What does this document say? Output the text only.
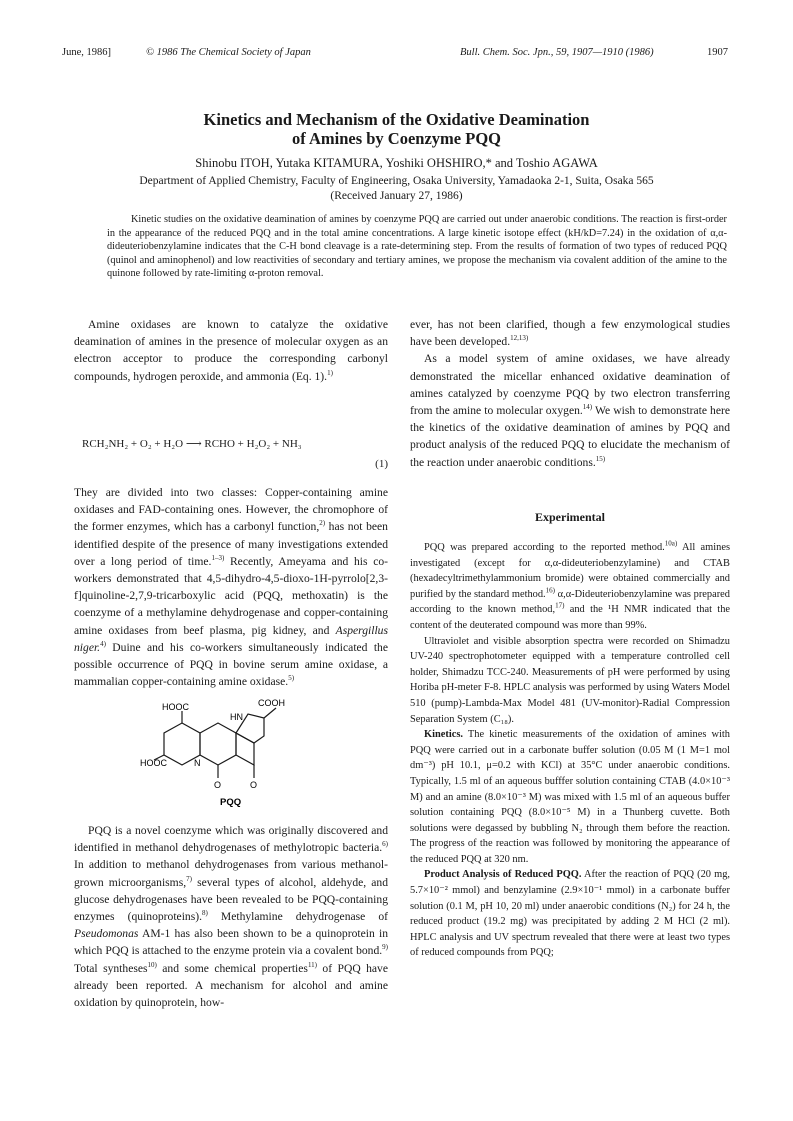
June, 1986]	© 1986 The Chemical Society of Japan	Bull. Chem. Soc. Jpn., 59, 1907—1910 (1986)	1907
Kinetics and Mechanism of the Oxidative Deamination
of Amines by Coenzyme PQQ
Shinobu ITOH, Yutaka KITAMURA, Yoshiki OHSHIRO,* and Toshio AGAWA
Department of Applied Chemistry, Faculty of Engineering, Osaka University, Yamadaoka 2-1, Suita, Osaka 565
(Received January 27, 1986)
Kinetic studies on the oxidative deamination of amines by coenzyme PQQ are carried out under anaerobic conditions. The reaction is first-order in the appearance of the reduced PQQ and in the total amine concentrations. A large kinetic isotope effect (kH/kD=7.24) in the oxidation of α,α-dideuteriobenzylamine indicates that the C-H bond cleavage is a rate-determining step. From the results of formation of two types of reduced PQQ (quinol and aminophenol) and low reactivities of secondary and tertiary amines, we propose the mechanism via covalent addition of the amine to the quinone followed by rate-limiting α-proton removal.

Amine oxidases are known to catalyze the oxidative deamination of amines in the presence of molecular oxygen as an electron acceptor to produce the corresponding carbonyl compounds, hydrogen peroxide, and ammonia (Eq. 1).$^{1)}$

RCH₂NH₂ + O₂ + H₂O ⟶ RCHO + H₂O₂ + NH₃
(1)

They are divided into two classes: Copper-containing amine oxidases and FAD-containing ones. However, the chromophore of the former enzymes, which has a carbonyl function,$^{2)}$ has not been identified despite of the presence of many investigations extended over a long period of time.$^{1-3)}$ Recently, Ameyama and his co-workers demonstrated that 4,5-dihydro-4,5-dioxo-1H-pyrrolo[2,3-f]quinoline-2,7,9-tricarboxylic acid (PQQ, methoxatin) is the coenzyme of a methylamine dehydrogenase and copper-containing amine oxidases from beef plasma, pig kidney, and Aspergillus niger.$^{4)}$ Duine and his co-workers simultaneously indicated the possible occurrence of PQQ in bovine serum amine oxidase, a mammalian copper-containing amine oxidase.$^{5)}$

COOH
HN
HOOC
HOOC	N
O	O
PQQ

PQQ is a novel coenzyme which was originally discovered and identified in methanol dehydrogenases of methylotropic bacteria.$^{6)}$ In addition to methanol dehydrogenases from various methanol-grown microorganisms,$^{7)}$ several types of alcohol, aldehyde, and glucose dehydrogenases have been revealed to be PQQ-containing enzymes (quinoproteins).$^{8)}$ Methylamine dehydrogenase of Pseudomonas AM-1 has also been shown to be a quinoprotein in which PQQ is attached to the enzyme protein via a covalent bond.$^{9)}$ Total syntheses$^{10)}$ and some chemical properties$^{11)}$ of PQQ have already been reported. A mechanism for alcohol and amine oxidation by quinoprotein, how-

ever, has not been clarified, though a few enzymological studies have been developed.$^{12,13)}$

As a model system of amine oxidases, we have already demonstrated the micellar enhanced oxidative deamination of amines catalyzed by coenzyme PQQ by two electron transferring from the amine to molecular oxygen.$^{14)}$ We wish to demonstrate here the kinetics of the oxidative deamination of amines by PQQ and product analysis of the reduced PQQ to elucidate the mechanism of the reaction under anaerobic conditions.$^{15)}$

Experimental

PQQ was prepared according to the reported method.$^{10a)}$ All amines investigated (except for α,α-dideuteriobenzylamine) and CTAB (hexadecyltrimethylammonium bromide) were obtained commercially and purified by the standard method.$^{16)}$ α,α-Dideuteriobenzylamine was prepared according to the known method,$^{17)}$ and the ¹H NMR indicated that the content of the deuterated compound was more than 99%.

Ultraviolet and visible absorption spectra were recorded on Shimadzu UV-240 spectrophotometer equipped with a temperature controlled cell holder, Shimadzu TCC-240. Measurements of pH were performed by using Horiba pH-meter F-8. HPLC analysis was performed by using Waters Model 510 (pump)-Lambda-Max Model 481 (UV-monitor)-Radial Compression Separation System (C₁₈).

Kinetics. The kinetic measurements of the oxidation of amines with PQQ were carried out in a carbonate buffer solution (0.05 M (1 M=1 mol dm⁻³) pH 10.1, μ=0.2 with KCl) at 35°C under anaerobic conditions. Typically, 1.5 ml of an aqueous bufffer solution containing CTAB (4.0×10⁻³ M) and an amine (8.0×10⁻³ M) was mixed with 1.5 ml of an aqueous buffer solution containing PQQ (8.0×10⁻⁵ M) in a Thunberg cuvette. Both solutions were degassed by bubbling N₂ through them before the reaction. The progress of the reaction was followed by monitoring the appearance of the reduced PQQ at 320 nm.

Product Analysis of Reduced PQQ. After the reaction of PQQ (20 mg, 5.7×10⁻² mmol) and benzylamine (2.9×10⁻¹ mmol) in a carbonate buffer solution (0.1 M, pH 10, 20 ml) under anaerobic conditions (N₂) for 24 h, the reduced product (19.2 mg) was precipitated by adding 2 M HCl (2 ml). HPLC analysis and UV spectrum revealed that there were at least two types of reduced compounds from PQQ;
